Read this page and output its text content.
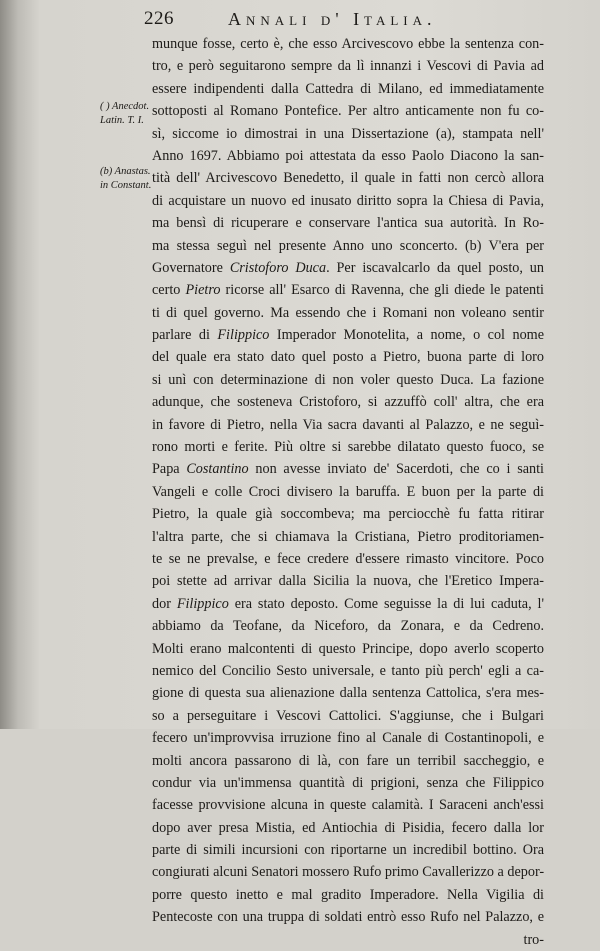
226	Annali d' Italia.
( ) Anecdot.
Latin. T. I.
(b) Anastas.
in Constant.
munque fosse, certo è, che esso Arcivescovo ebbe la sentenza con-
tro, e però seguitarono sempre da lì innanzi i Vescovi di Pavia ad
essere indipendenti dalla Cattedra di Milano, ed immediatamente
sottoposti al Romano Pontefice. Per altro anticamente non fu co-
sì, siccome io dimostrai in una Dissertazione (a), stampata nell'
Anno 1697. Abbiamo poi attestata da esso Paolo Diacono la san-
tità dell' Arcivescovo Benedetto, il quale in fatti non cercò allora
di acquistare un nuovo ed inusato diritto sopra la Chiesa di Pavia,
ma bensì di ricuperare e conservare l'antica sua autorità. In Ro-
ma stessa seguì nel presente Anno uno sconcerto. (b) V'era per
Governatore Cristoforo Duca. Per iscavalcarlo da quel posto, un
certo Pietro ricorse all' Esarco di Ravenna, che gli diede le patenti
ti di quel governo. Ma essendo che i Romani non voleano sentir
parlare di Filippico Imperador Monotelita, a nome, o col nome
del quale era stato dato quel posto a Pietro, buona parte di loro
si unì con determinazione di non voler questo Duca. La fazione
adunque, che sosteneva Cristoforo, si azzuffò coll' altra, che era
in favore di Pietro, nella Via sacra davanti al Palazzo, e ne seguì-
rono morti e ferite. Più oltre si sarebbe dilatato questo fuoco, se
Papa Costantino non avesse inviato de' Sacerdoti, che co i santi
Vangeli e colle Croci divisero la baruffa. E buon per la parte di
Pietro, la quale già soccombeva; ma perciocchè fu fatta ritirar
l'altra parte, che si chiamava la Cristiana, Pietro proditoriamen-
te se ne prevalse, e fece credere d'essere rimasto vincitore. Poco
poi stette ad arrivar dalla Sicilia la nuova, che l'Eretico Impera-
dor Filippico era stato deposto. Come seguisse la di lui caduta, l'
abbiamo da Teofane, da Niceforo, da Zonara, e da Cedreno.
Molti erano malcontenti di questo Principe, dopo averlo scoperto
nemico del Concilio Sesto universale, e tanto più perch' egli a ca-
gione di questa sua alienazione dalla sentenza Cattolica, s'era mes-
so a perseguitare i Vescovi Cattolici. S'aggiunse, che i Bulgari
fecero un'improvvisa irruzione fino al Canale di Costantinopoli, e
molti ancora passarono di là, con fare un terribil saccheggio, e
condur via un'immensa quantità di prigioni, senza che Filippico
facesse provvisione alcuna in queste calamità. I Saraceni anch'essi
dopo aver presa Mistia, ed Antiochia di Pisidia, fecero dalla lor
parte di simili incursioni con riportarne un incredibil bottino. Ora
congiurati alcuni Senatori mossero Rufo primo Cavallerizzo a depor-
porre questo inetto e mal gradito Imperadore. Nella Vigilia di
Pentecoste con una truppa di soldati entrò esso Rufo nel Palazzo, e
tro-
